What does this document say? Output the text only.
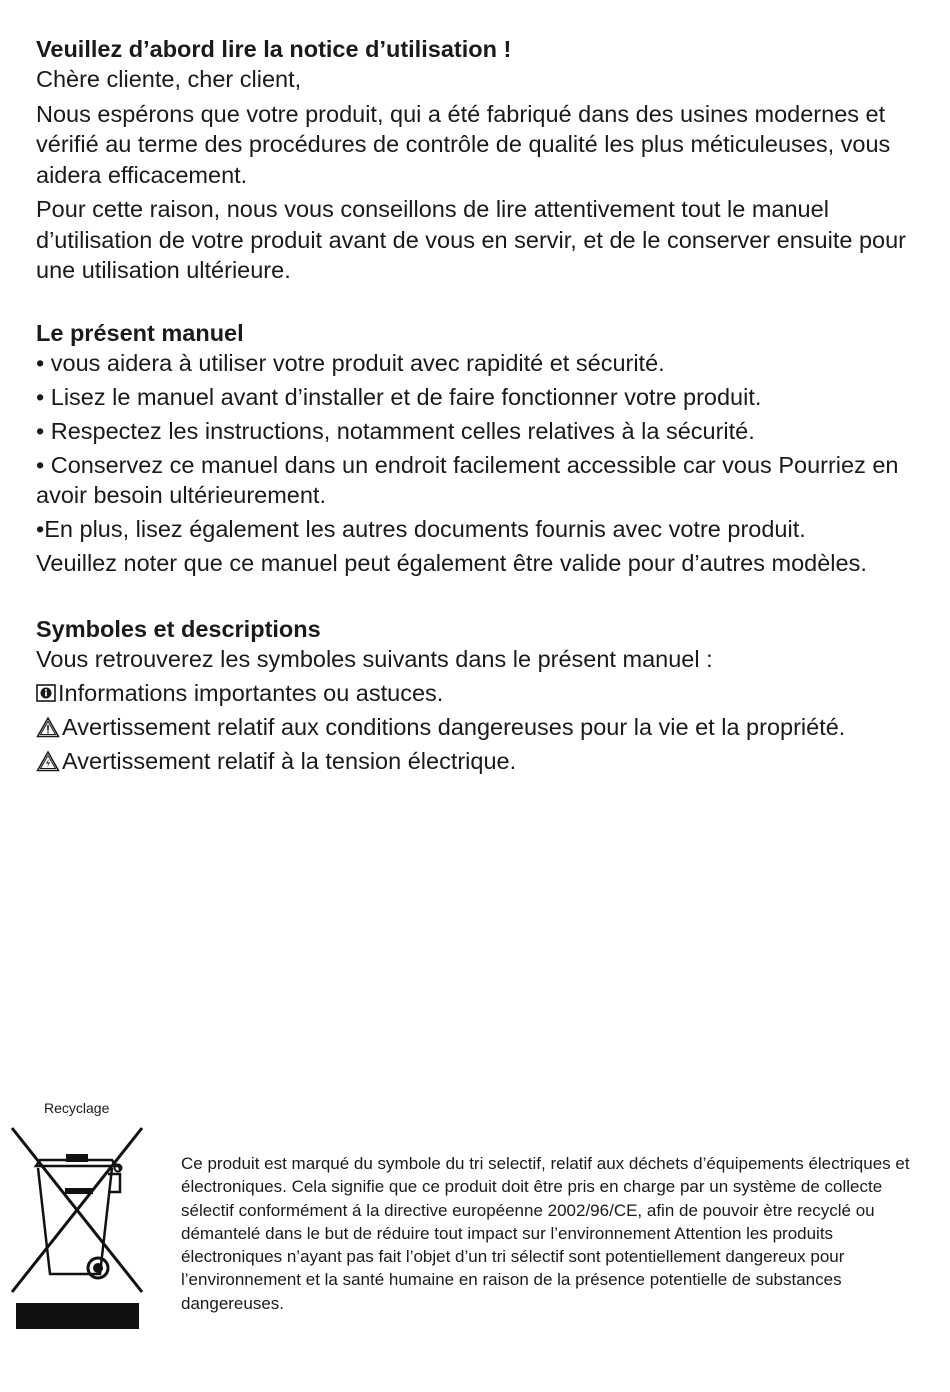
Veuillez d’abord lire la notice d’utilisation !

Chère cliente, cher client,

Nous espérons que votre produit, qui a été fabriqué dans des usines modernes et vérifié au terme des procédures de contrôle de qualité les plus méticuleuses, vous aidera efficacement.

Pour cette raison, nous vous conseillons de lire attentivement tout le manuel d’utilisation de votre produit avant de vous en servir, et de le conserver ensuite pour une utilisation ultérieure.

Le présent manuel

• vous aidera à utiliser votre produit avec rapidité et sécurité.

• Lisez le manuel avant d’installer et de faire fonctionner votre produit.

• Respectez les instructions, notamment celles relatives à la sécurité.

• Conservez ce manuel dans un endroit facilement accessible car vous Pourriez en avoir besoin ultérieurement.

•En plus, lisez également les autres documents fournis avec votre produit.

Veuillez noter que ce manuel peut également être valide pour d’autres modèles.

Symboles et descriptions

Vous retrouverez les symboles suivants dans le présent manuel :

Informations importantes ou astuces.
Avertissement relatif aux conditions dangereuses pour la vie et la propriété.
Avertissement relatif à la tension électrique.
Recyclage
Ce produit est marqué du symbole du tri selectif, relatif aux déchets d’équipements électriques et électroniques. Cela signifie que ce produit doit être pris en charge par un système de collecte sélectif conformément á la directive européenne 2002/96/CE, afin de pouvoir ètre recyclé ou démantelé dans le but de réduire tout impact sur l’environnement Attention les produits électroniques n’ayant pas fait l’objet d’un tri sélectif sont potentiellement dangereux pour l’environnement et la santé humaine en raison de la présence potentielle de substances dangereuses.
